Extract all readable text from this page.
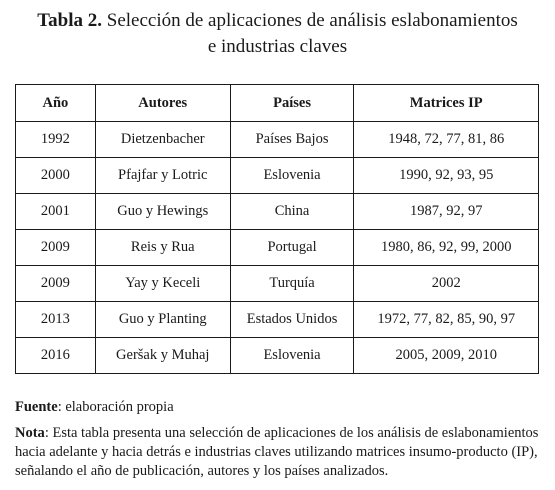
Tabla 2. Selección de aplicaciones de análisis eslabonamientos
e industrias claves
Año	Autores	Países	Matrices IP
1992	Dietzenbacher	Países Bajos	1948, 72, 77, 81, 86
2000	Pfajfar y Lotric	Eslovenia	1990, 92, 93, 95
2001	Guo y Hewings	China	1987, 92, 97
2009	Reis y Rua	Portugal	1980, 86, 92, 99, 2000
2009	Yay y Keceli	Turquía	2002
2013	Guo y Planting	Estados Unidos	1972, 77, 82, 85, 90, 97
2016	Geršak y Muhaj	Eslovenia	2005, 2009, 2010

Fuente: elaboración propia

Nota: Esta tabla presenta una selección de aplicaciones de los análisis de eslabonamientos hacia adelante y hacia detrás e industrias claves utilizando matrices insumo-producto (IP), señalando el año de publicación, autores y los países analizados.
